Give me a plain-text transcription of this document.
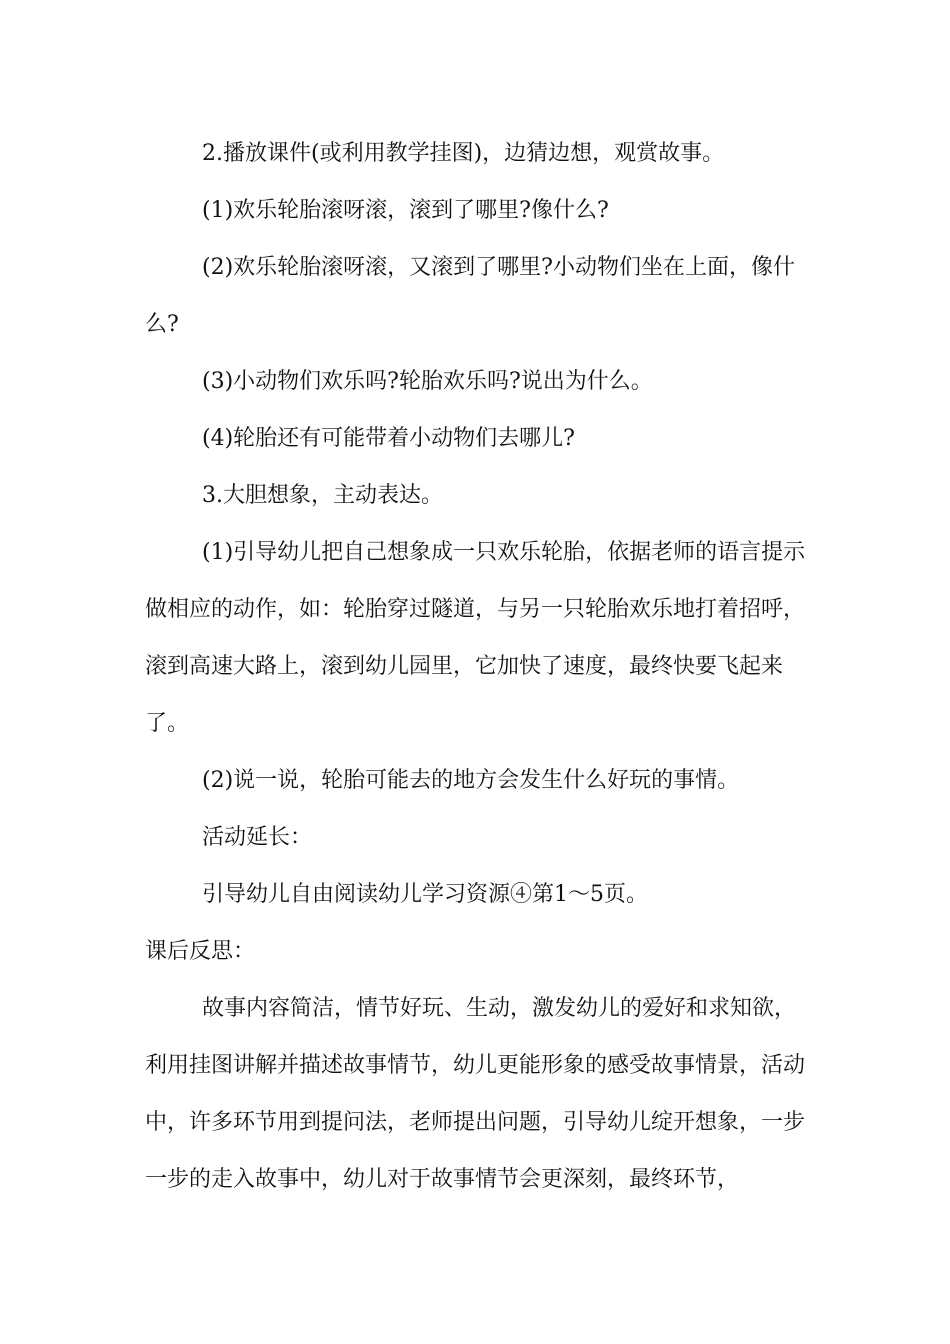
2.播放课件(或利用教学挂图)，边猜边想，观赏故事。

(1)欢乐轮胎滚呀滚，滚到了哪里?像什么?

(2)欢乐轮胎滚呀滚，又滚到了哪里?小动物们坐在上面，像什么?

(3)小动物们欢乐吗?轮胎欢乐吗?说出为什么。

(4)轮胎还有可能带着小动物们去哪儿?

3.大胆想象，主动表达。

(1)引导幼儿把自己想象成一只欢乐轮胎，依据老师的语言提示做相应的动作，如：轮胎穿过隧道，与另一只轮胎欢乐地打着招呼，滚到高速大路上，滚到幼儿园里，它加快了速度，最终快要飞起来了。

(2)说一说，轮胎可能去的地方会发生什么好玩的事情。

活动延长：

引导幼儿自由阅读幼儿学习资源④第1～5页。

课后反思：

故事内容简洁，情节好玩、生动，激发幼儿的爱好和求知欲，利用挂图讲解并描述故事情节，幼儿更能形象的感受故事情景，活动中，许多环节用到提问法，老师提出问题，引导幼儿绽开想象，一步一步的走入故事中，幼儿对于故事情节会更深刻，最终环节，
